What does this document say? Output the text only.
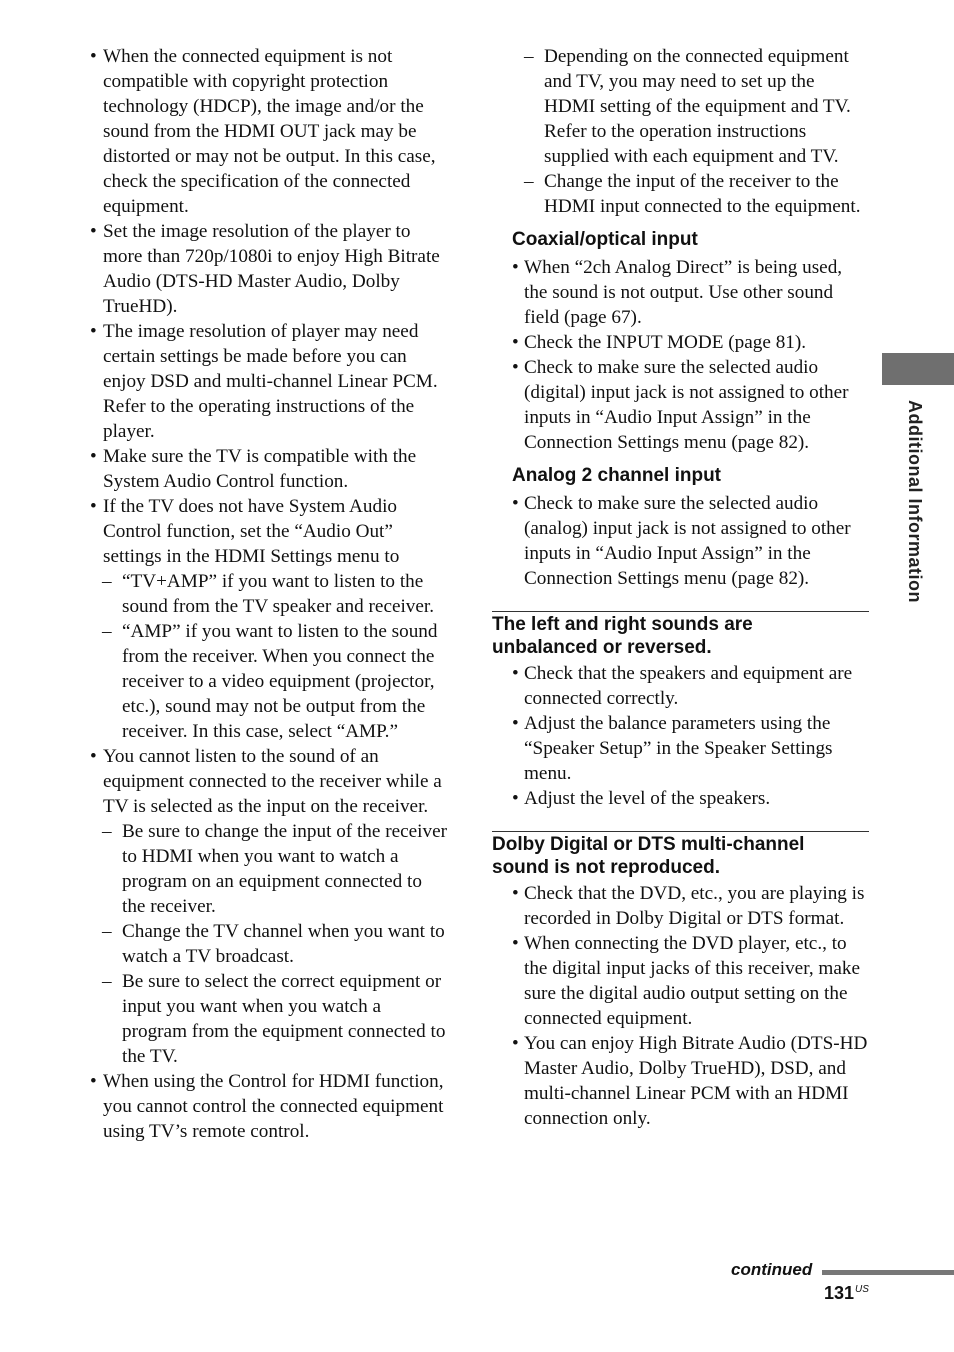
• When the connected equipment is not compatible with copyright protection technology (HDCP), the image and/or the sound from the HDMI OUT jack may be distorted or may not be output. In this case, check the specification of the connected equipment.
• Set the image resolution of the player to more than 720p/1080i to enjoy High Bitrate Audio (DTS-HD Master Audio, Dolby TrueHD).
• The image resolution of player may need certain settings be made before you can enjoy DSD and multi-channel Linear PCM. Refer to the operating instructions of the player.
• Make sure the TV is compatible with the System Audio Control function.
• If the TV does not have System Audio Control function, set the “Audio Out” settings in the HDMI Settings menu to
– “TV+AMP” if you want to listen to the sound from the TV speaker and receiver.
– “AMP” if you want to listen to the sound from the receiver. When you connect the receiver to a video equipment (projector, etc.), sound may not be output from the receiver. In this case, select “AMP.”
• You cannot listen to the sound of an equipment connected to the receiver while a TV is selected as the input on the receiver.
– Be sure to change the input of the receiver to HDMI when you want to watch a program on an equipment connected to the receiver.
– Change the TV channel when you want to watch a TV broadcast.
– Be sure to select the correct equipment or input you want when you watch a program from the equipment connected to the TV.
• When using the Control for HDMI function, you cannot control the connected equipment using TV’s remote control.
– Depending on the connected equipment and TV, you may need to set up the HDMI setting of the equipment and TV. Refer to the operation instructions supplied with each equipment and TV.
– Change the input of the receiver to the HDMI input connected to the equipment.
Coaxial/optical input
• When “2ch Analog Direct” is being used, the sound is not output. Use other sound field (page 67).
• Check the INPUT MODE (page 81).
• Check to make sure the selected audio (digital) input jack is not assigned to other inputs in “Audio Input Assign” in the Connection Settings menu (page 82).
Analog 2 channel input
• Check to make sure the selected audio (analog) input jack is not assigned to other inputs in “Audio Input Assign” in the Connection Settings menu (page 82).
The left and right sounds are
unbalanced or reversed.
• Check that the speakers and equipment are connected correctly.
• Adjust the balance parameters using the “Speaker Setup” in the Speaker Settings menu.
• Adjust the level of the speakers.
Dolby Digital or DTS multi-channel
sound is not reproduced.
• Check that the DVD, etc., you are playing is recorded in Dolby Digital or DTS format.
• When connecting the DVD player, etc., to the digital input jacks of this receiver, make sure the digital audio output setting on the connected equipment.
• You can enjoy High Bitrate Audio (DTS-HD Master Audio, Dolby TrueHD), DSD, and multi-channel Linear PCM with an HDMI connection only.
Additional Information
continued
$131^{US}$
